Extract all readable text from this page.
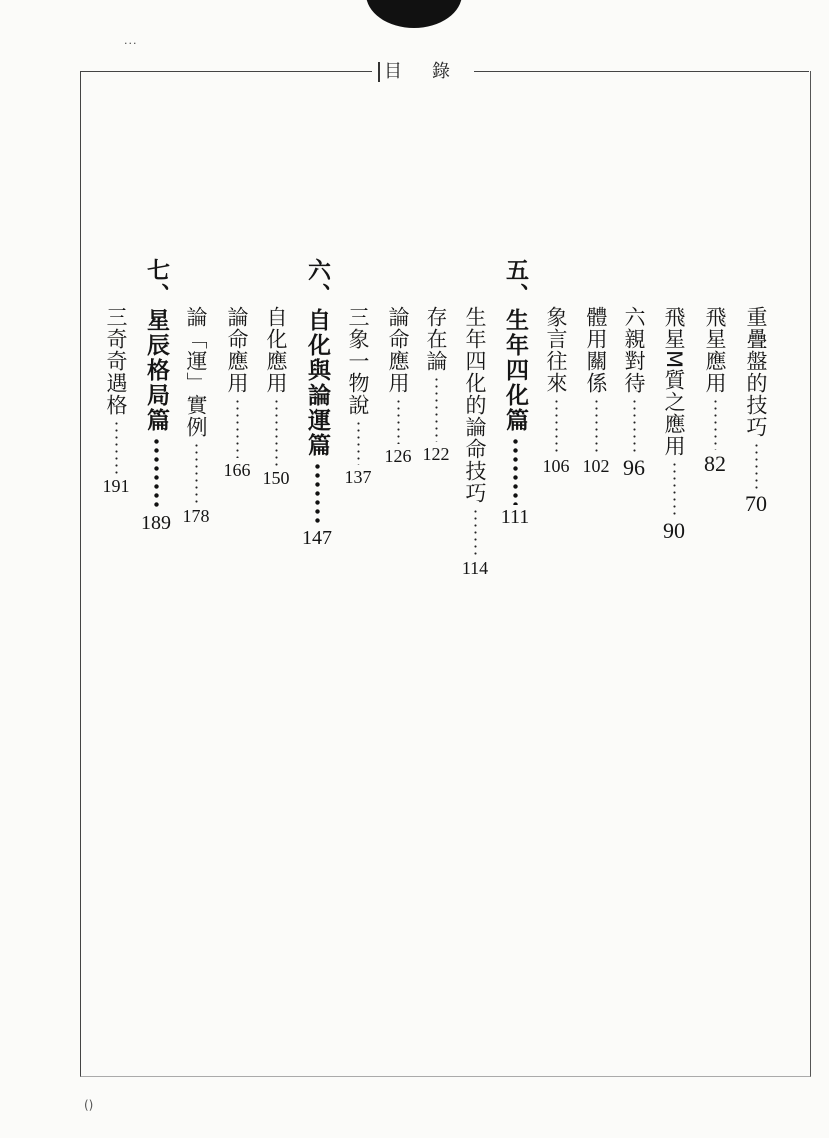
...
目 錄
重疊盤的技巧
70
飛星應用
82
飛星M質之應用
90
六親對待
96
體用關係
102
象言往來
106
五、生年四化篇
111
生年四化的論命技巧
114
存在論
122
論命應用
126
三象一物說
137
六、自化與論運篇
147
自化應用
150
論命應用
166
論「運」實例
178
七、星辰格局篇
189
三奇奇遇格
191
()
